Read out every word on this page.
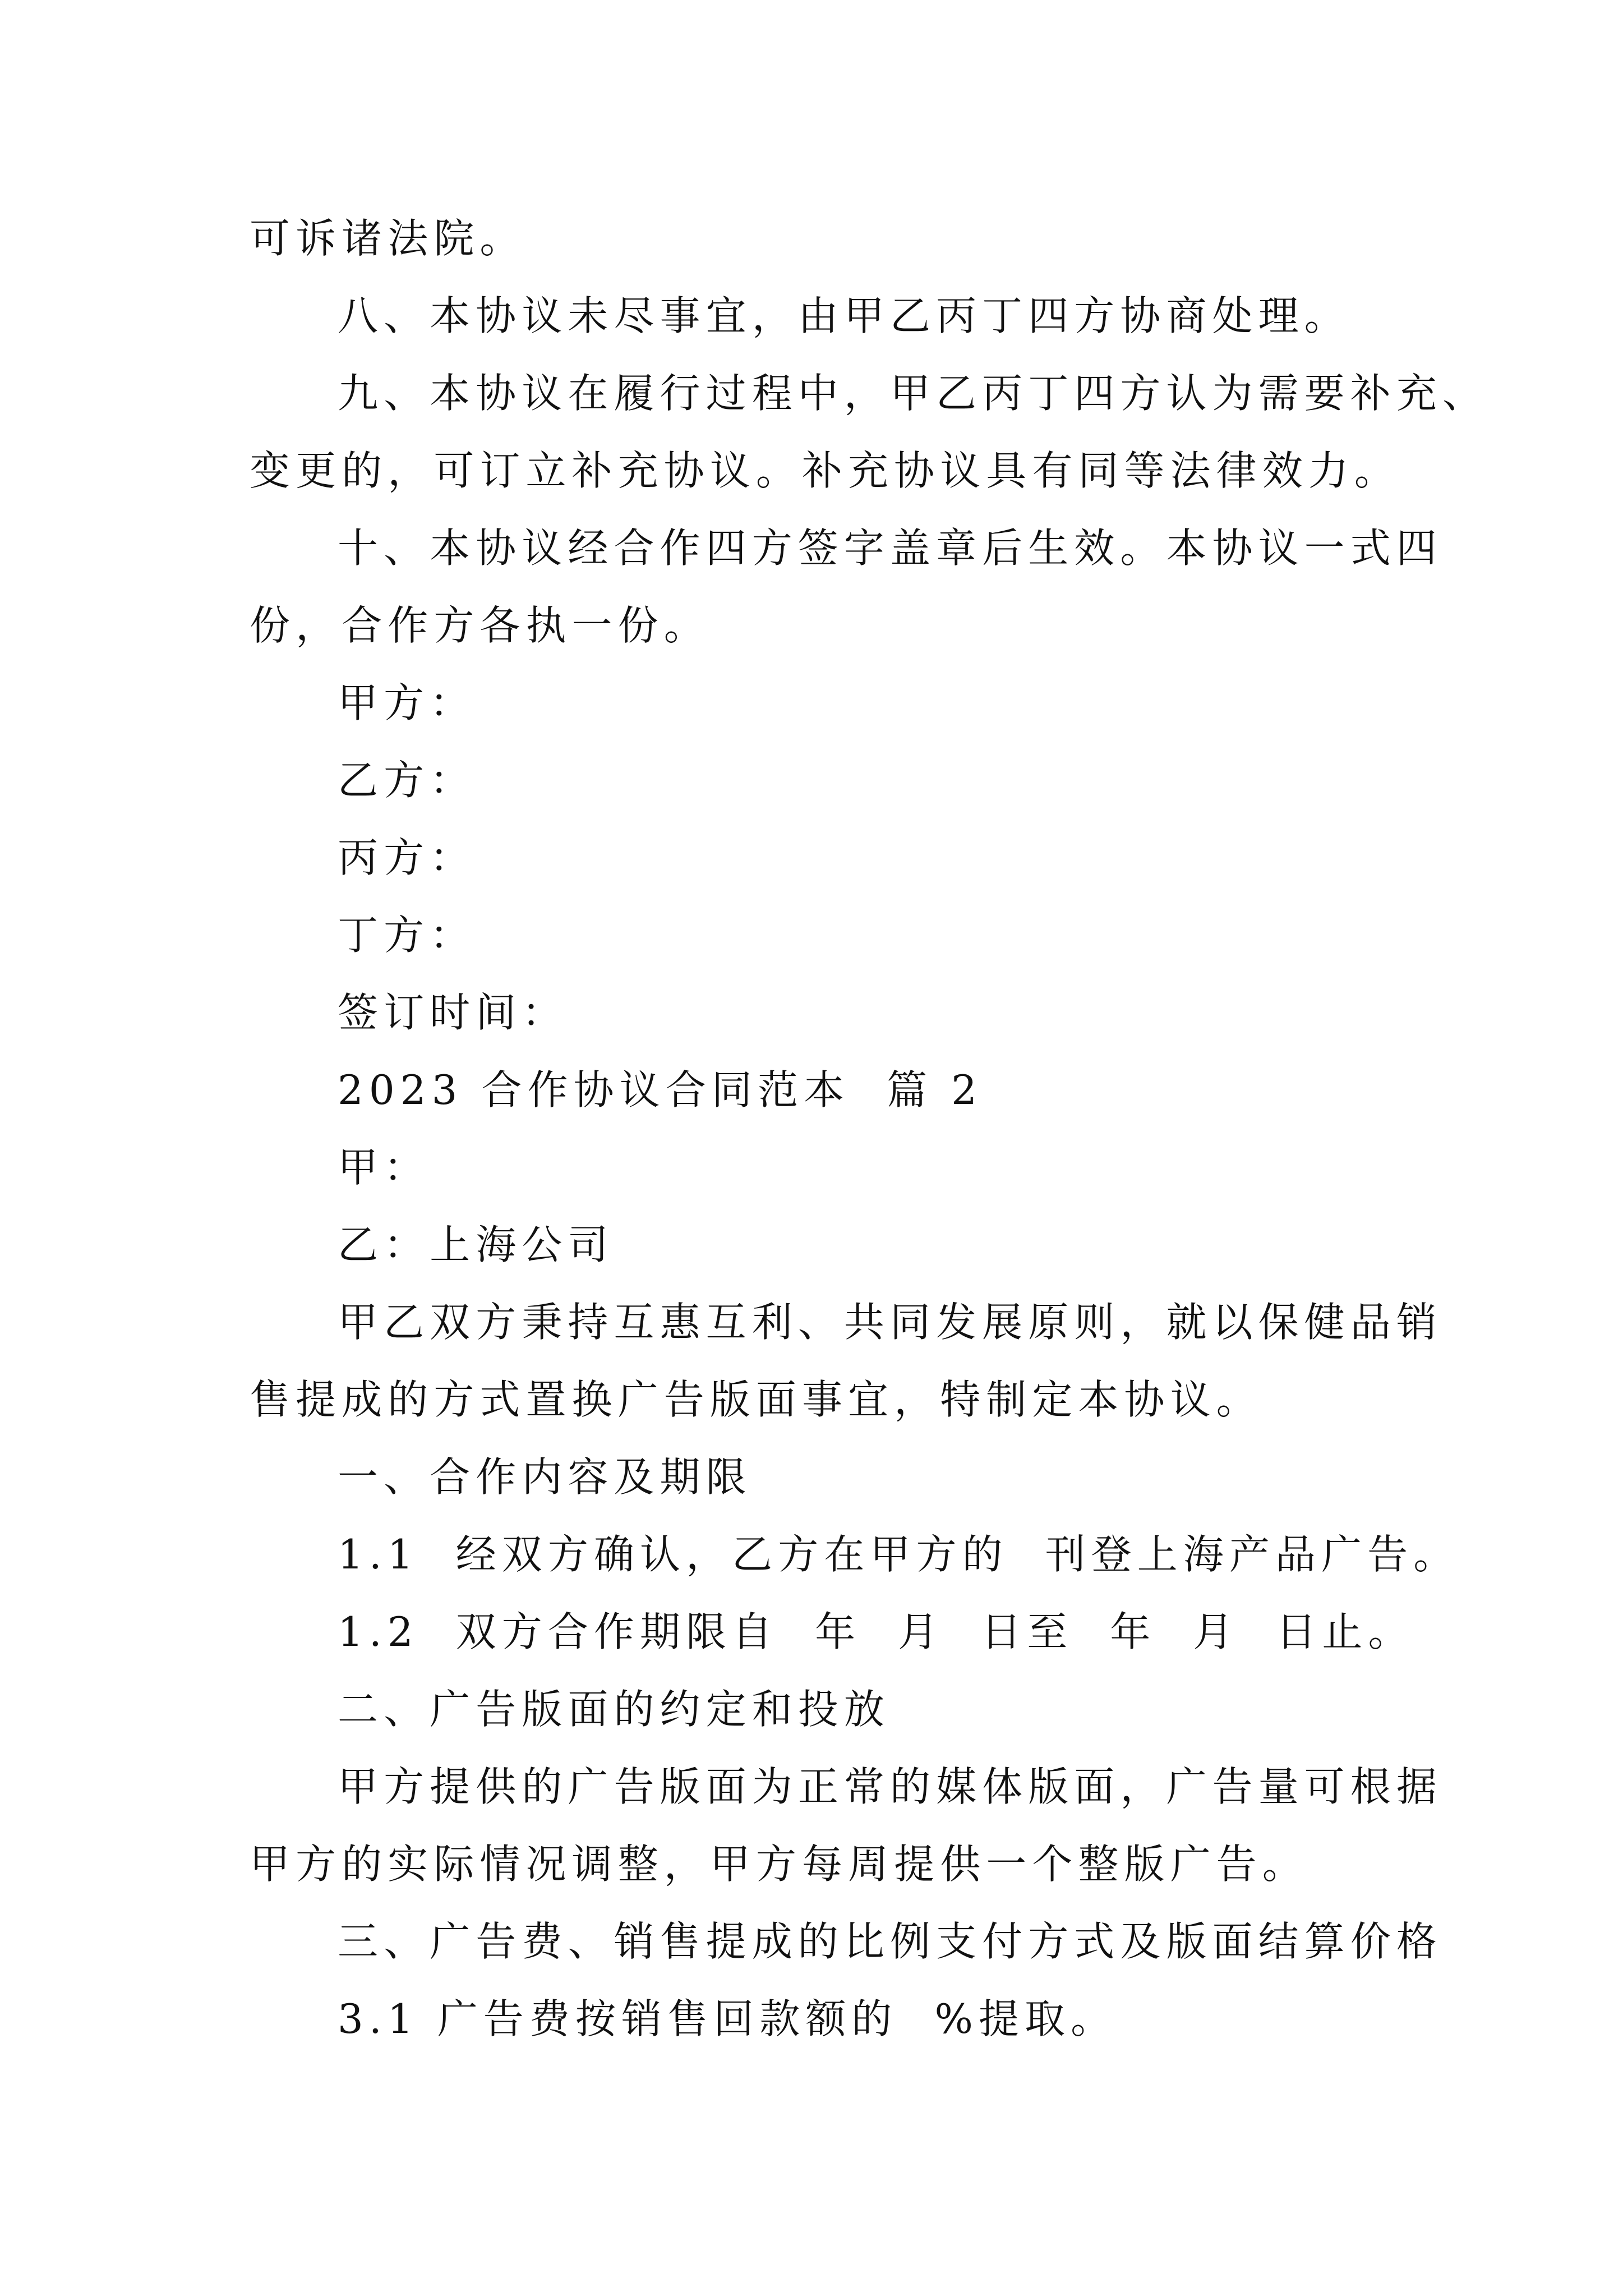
可诉诸法院。
八、本协议未尽事宜，由甲乙丙丁四方协商处理。
九、本协议在履行过程中，甲乙丙丁四方认为需要补充、
变更的，可订立补充协议。补充协议具有同等法律效力。
十、本协议经合作四方签字盖章后生效。本协议一式四
份，合作方各执一份。
甲方：
乙方：
丙方：
丁方：
签订时间：
2023 合作协议合同范本  篇 2
甲：
乙：上海公司
甲乙双方秉持互惠互利、共同发展原则，就以保健品销
售提成的方式置换广告版面事宜，特制定本协议。
一、合作内容及期限
1.1  经双方确认，乙方在甲方的  刊登上海产品广告。
1.2  双方合作期限自  年  月  日至  年  月  日止。
二、广告版面的约定和投放
甲方提供的广告版面为正常的媒体版面，广告量可根据
甲方的实际情况调整，甲方每周提供一个整版广告。
三、广告费、销售提成的比例支付方式及版面结算价格
3.1 广告费按销售回款额的  %提取。
